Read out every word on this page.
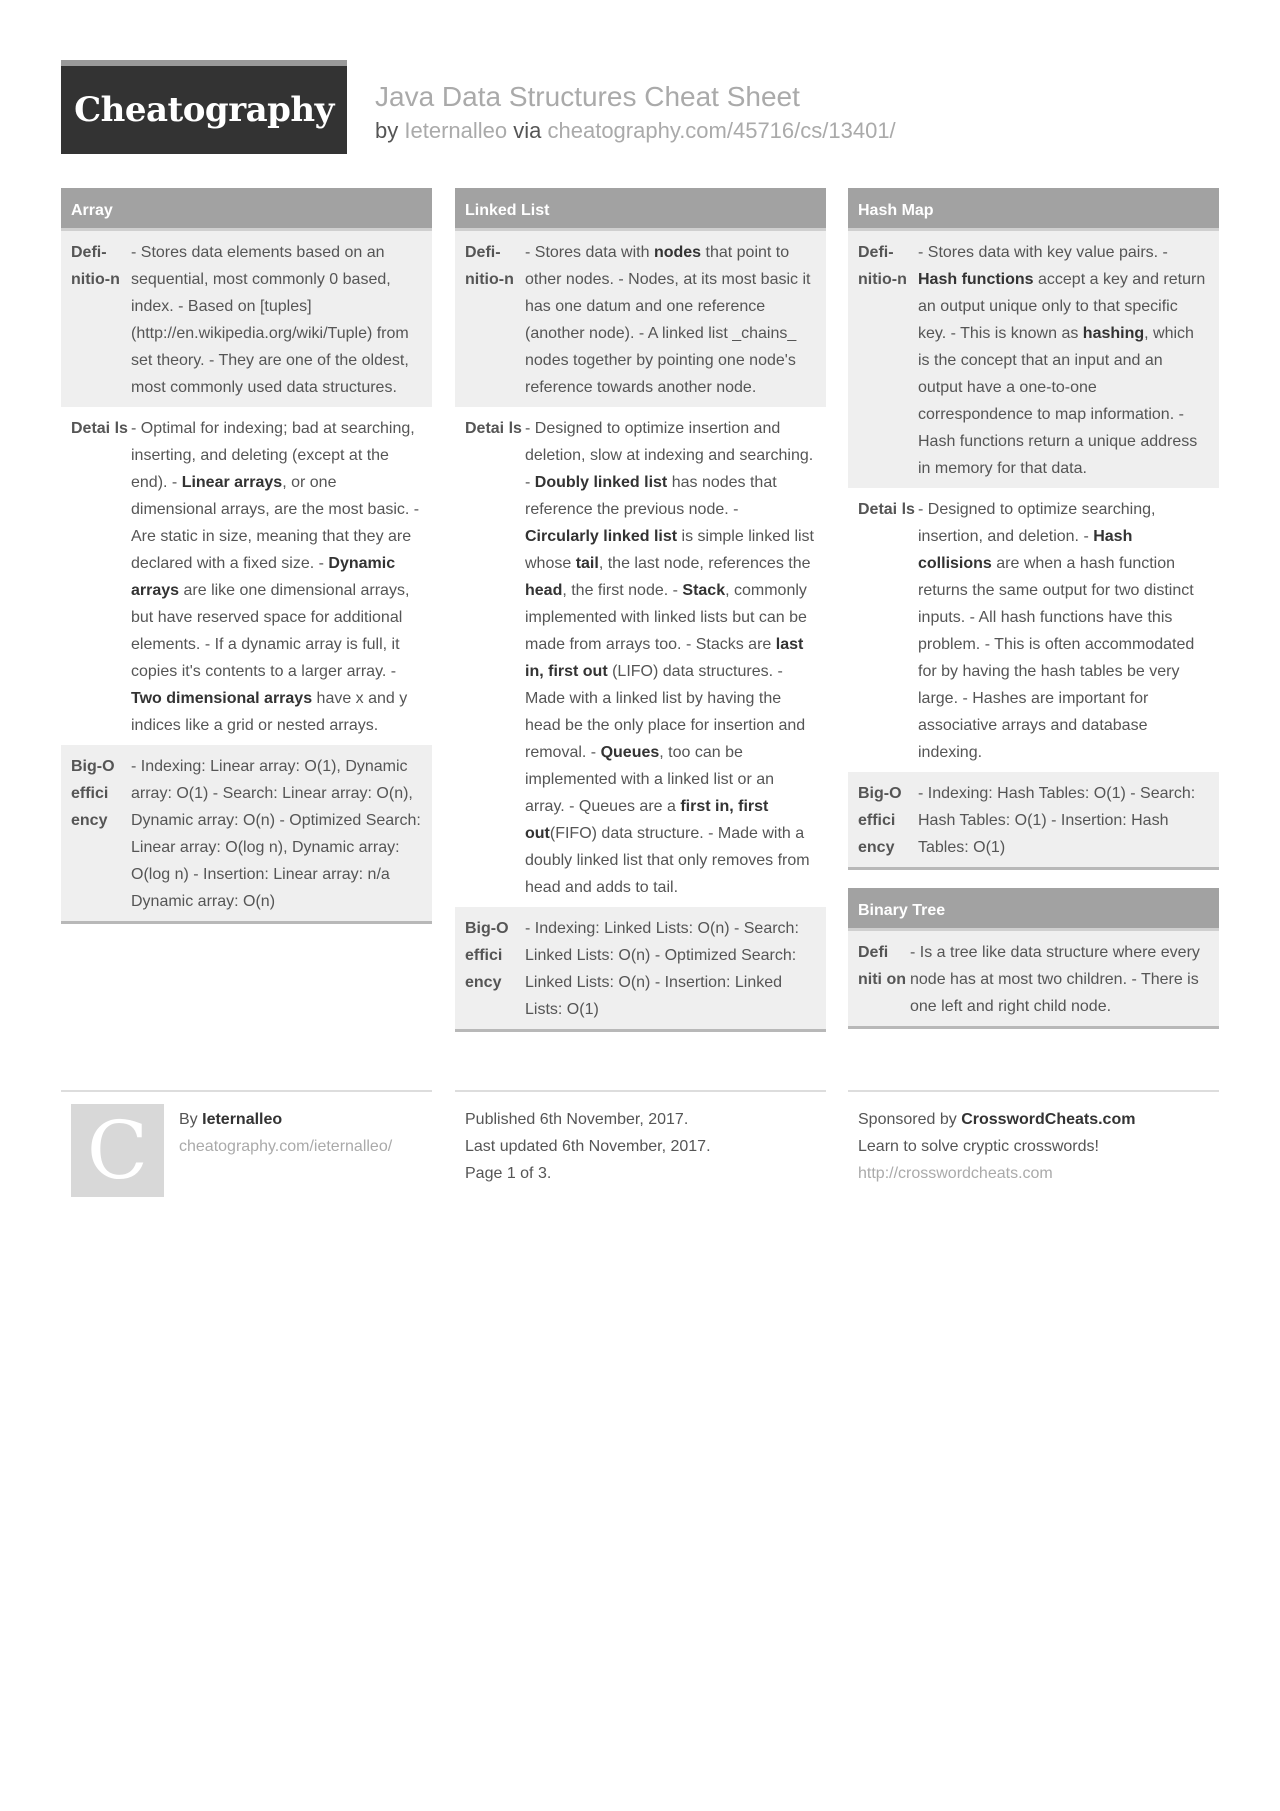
Cheatography Java Data Structures Cheat Sheet
by Ieternalleo via cheatography.com/45716/cs/13401/
Array
Defi-nitio-n
- Stores data elements based on an sequential, most commonly 0 based, index. - Based on [tuples] (http://en.wikipedia.org/wiki/Tuple) from set theory. - They are one of the oldest, most commonly used data structures.
Detai ls - Optimal for indexing; bad at searching, inserting, and deleting (except at the end). - Linear arrays, or one dimensional arrays, are the most basic. - Are static in size, meaning that they are declared with a fixed size. - Dynamic arrays are like one dimensional arrays, but have reserved space for additional elements. - If a dynamic array is full, it copies it's contents to a larger array. - Two dimensional arrays have x and y indices like a grid or nested arrays.
Big-O effici ency
- Indexing: Linear array: O(1), Dynamic array: O(1) - Search: Linear array: O(n), Dynamic array: O(n) - Optimized Search: Linear array: O(log n), Dynamic array: O(log n) - Insertion: Linear array: n/a Dynamic array: O(n)
Linked List
Defi-nitio-n
- Stores data with nodes that point to other nodes. - Nodes, at its most basic it has one datum and one reference (another node). - A linked list _chains_ nodes together by pointing one node's reference towards another node.
Detai ls - Designed to optimize insertion and deletion, slow at indexing and searching. - Doubly linked list has nodes that reference the previous node. - Circularly linked list is simple linked list whose tail, the last node, references the head, the first node. - Stack, commonly implemented with linked lists but can be made from arrays too. - Stacks are last in, first out (LIFO) data structures. - Made with a linked list by having the head be the only place for insertion and removal. - Queues, too can be implemented with a linked list or an array. - Queues are a first in, first out(FIFO) data structure. - Made with a doubly linked list that only removes from head and adds to tail.
Big-O effici ency
- Indexing: Linked Lists: O(n) - Search: Linked Lists: O(n) - Optimized Search: Linked Lists: O(n) - Insertion: Linked Lists: O(1)
Hash Map
Defi-nitio-n
- Stores data with key value pairs. - Hash functions accept a key and return an output unique only to that specific key. - This is known as hashing, which is the concept that an input and an output have a one-to-one correspondence to map information. - Hash functions return a unique address in memory for that data.
Detai ls - Designed to optimize searching, insertion, and deletion. - Hash collisions are when a hash function returns the same output for two distinct inputs. - All hash functions have this problem. - This is often accommodated for by having the hash tables be very large. - Hashes are important for associative arrays and database indexing.
Big-O effici ency
- Indexing: Hash Tables: O(1) - Search: Hash Tables: O(1) - Insertion: Hash Tables: O(1)
Binary Tree
Defi niti on
- Is a tree like data structure where every node has at most two children. - There is one left and right child node.
C By Ieternalleo
cheatography.com/ieternalleo/
Published 6th November, 2017.
Last updated 6th November, 2017.
Page 1 of 3.
Sponsored by CrosswordCheats.com
Learn to solve cryptic crosswords!
http://crosswordcheats.com
